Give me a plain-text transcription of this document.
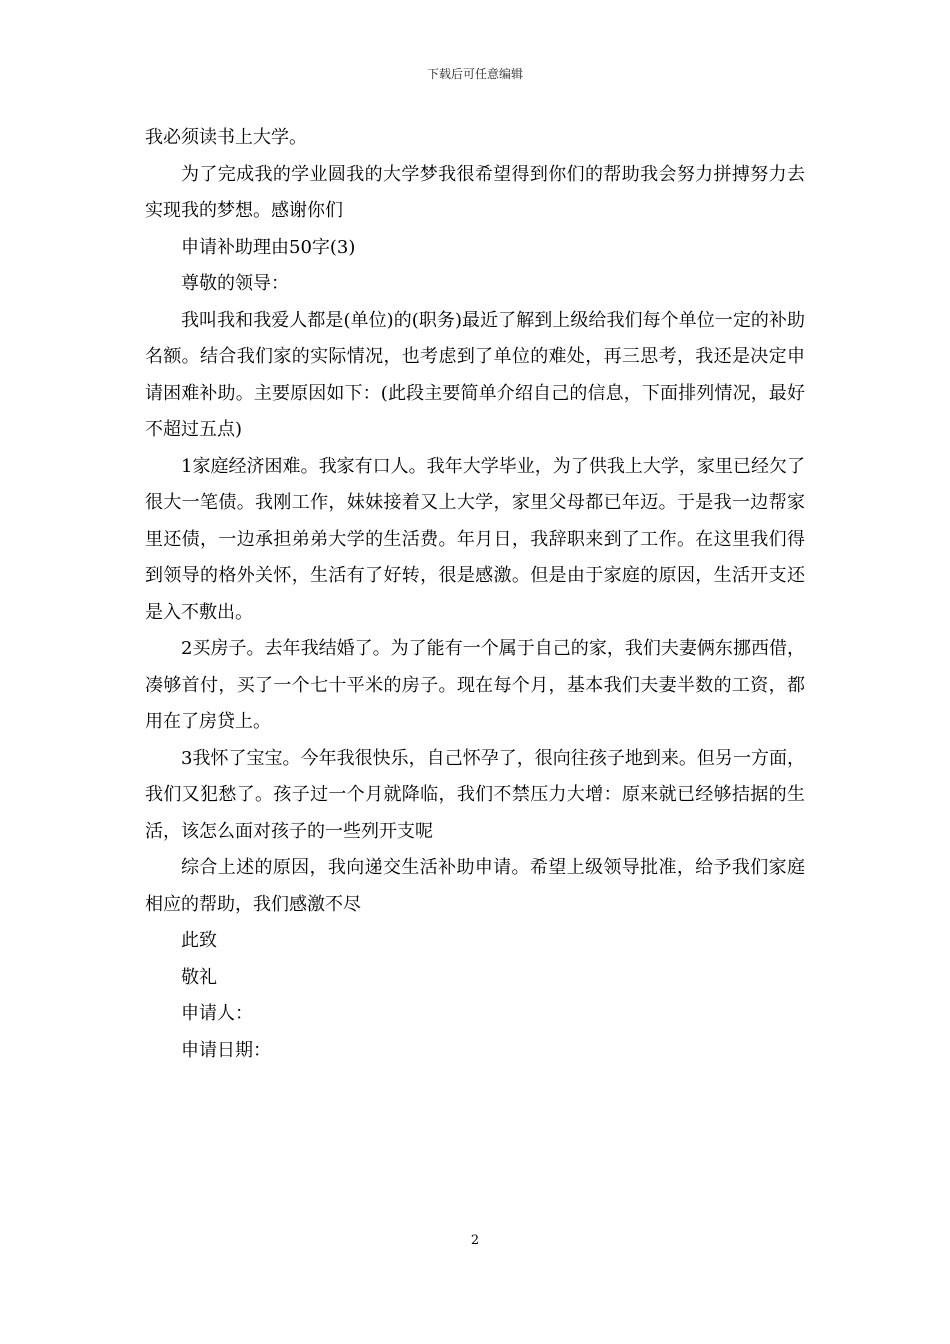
下载后可任意编辑

我必须读书上大学。

为了完成我的学业圆我的大学梦我很希望得到你们的帮助我会努力拼搏努力去实现我的梦想。感谢你们

申请补助理由50字(3)

尊敬的领导：

我叫我和我爱人都是(单位)的(职务)最近了解到上级给我们每个单位一定的补助名额。结合我们家的实际情况，也考虑到了单位的难处，再三思考，我还是决定申请困难补助。主要原因如下：(此段主要简单介绍自己的信息，下面排列情况，最好不超过五点)

1家庭经济困难。我家有口人。我年大学毕业，为了供我上大学，家里已经欠了很大一笔债。我刚工作，妹妹接着又上大学，家里父母都已年迈。于是我一边帮家里还债，一边承担弟弟大学的生活费。年月日，我辞职来到了工作。在这里我们得到领导的格外关怀，生活有了好转，很是感激。但是由于家庭的原因，生活开支还是入不敷出。

2买房子。去年我结婚了。为了能有一个属于自己的家，我们夫妻俩东挪西借，凑够首付，买了一个七十平米的房子。现在每个月，基本我们夫妻半数的工资，都用在了房贷上。

3我怀了宝宝。今年我很快乐，自己怀孕了，很向往孩子地到来。但另一方面，我们又犯愁了。孩子过一个月就降临，我们不禁压力大增：原来就已经够拮据的生活，该怎么面对孩子的一些列开支呢

综合上述的原因，我向递交生活补助申请。希望上级领导批准，给予我们家庭相应的帮助，我们感激不尽

此致

敬礼

申请人：

申请日期：

2
